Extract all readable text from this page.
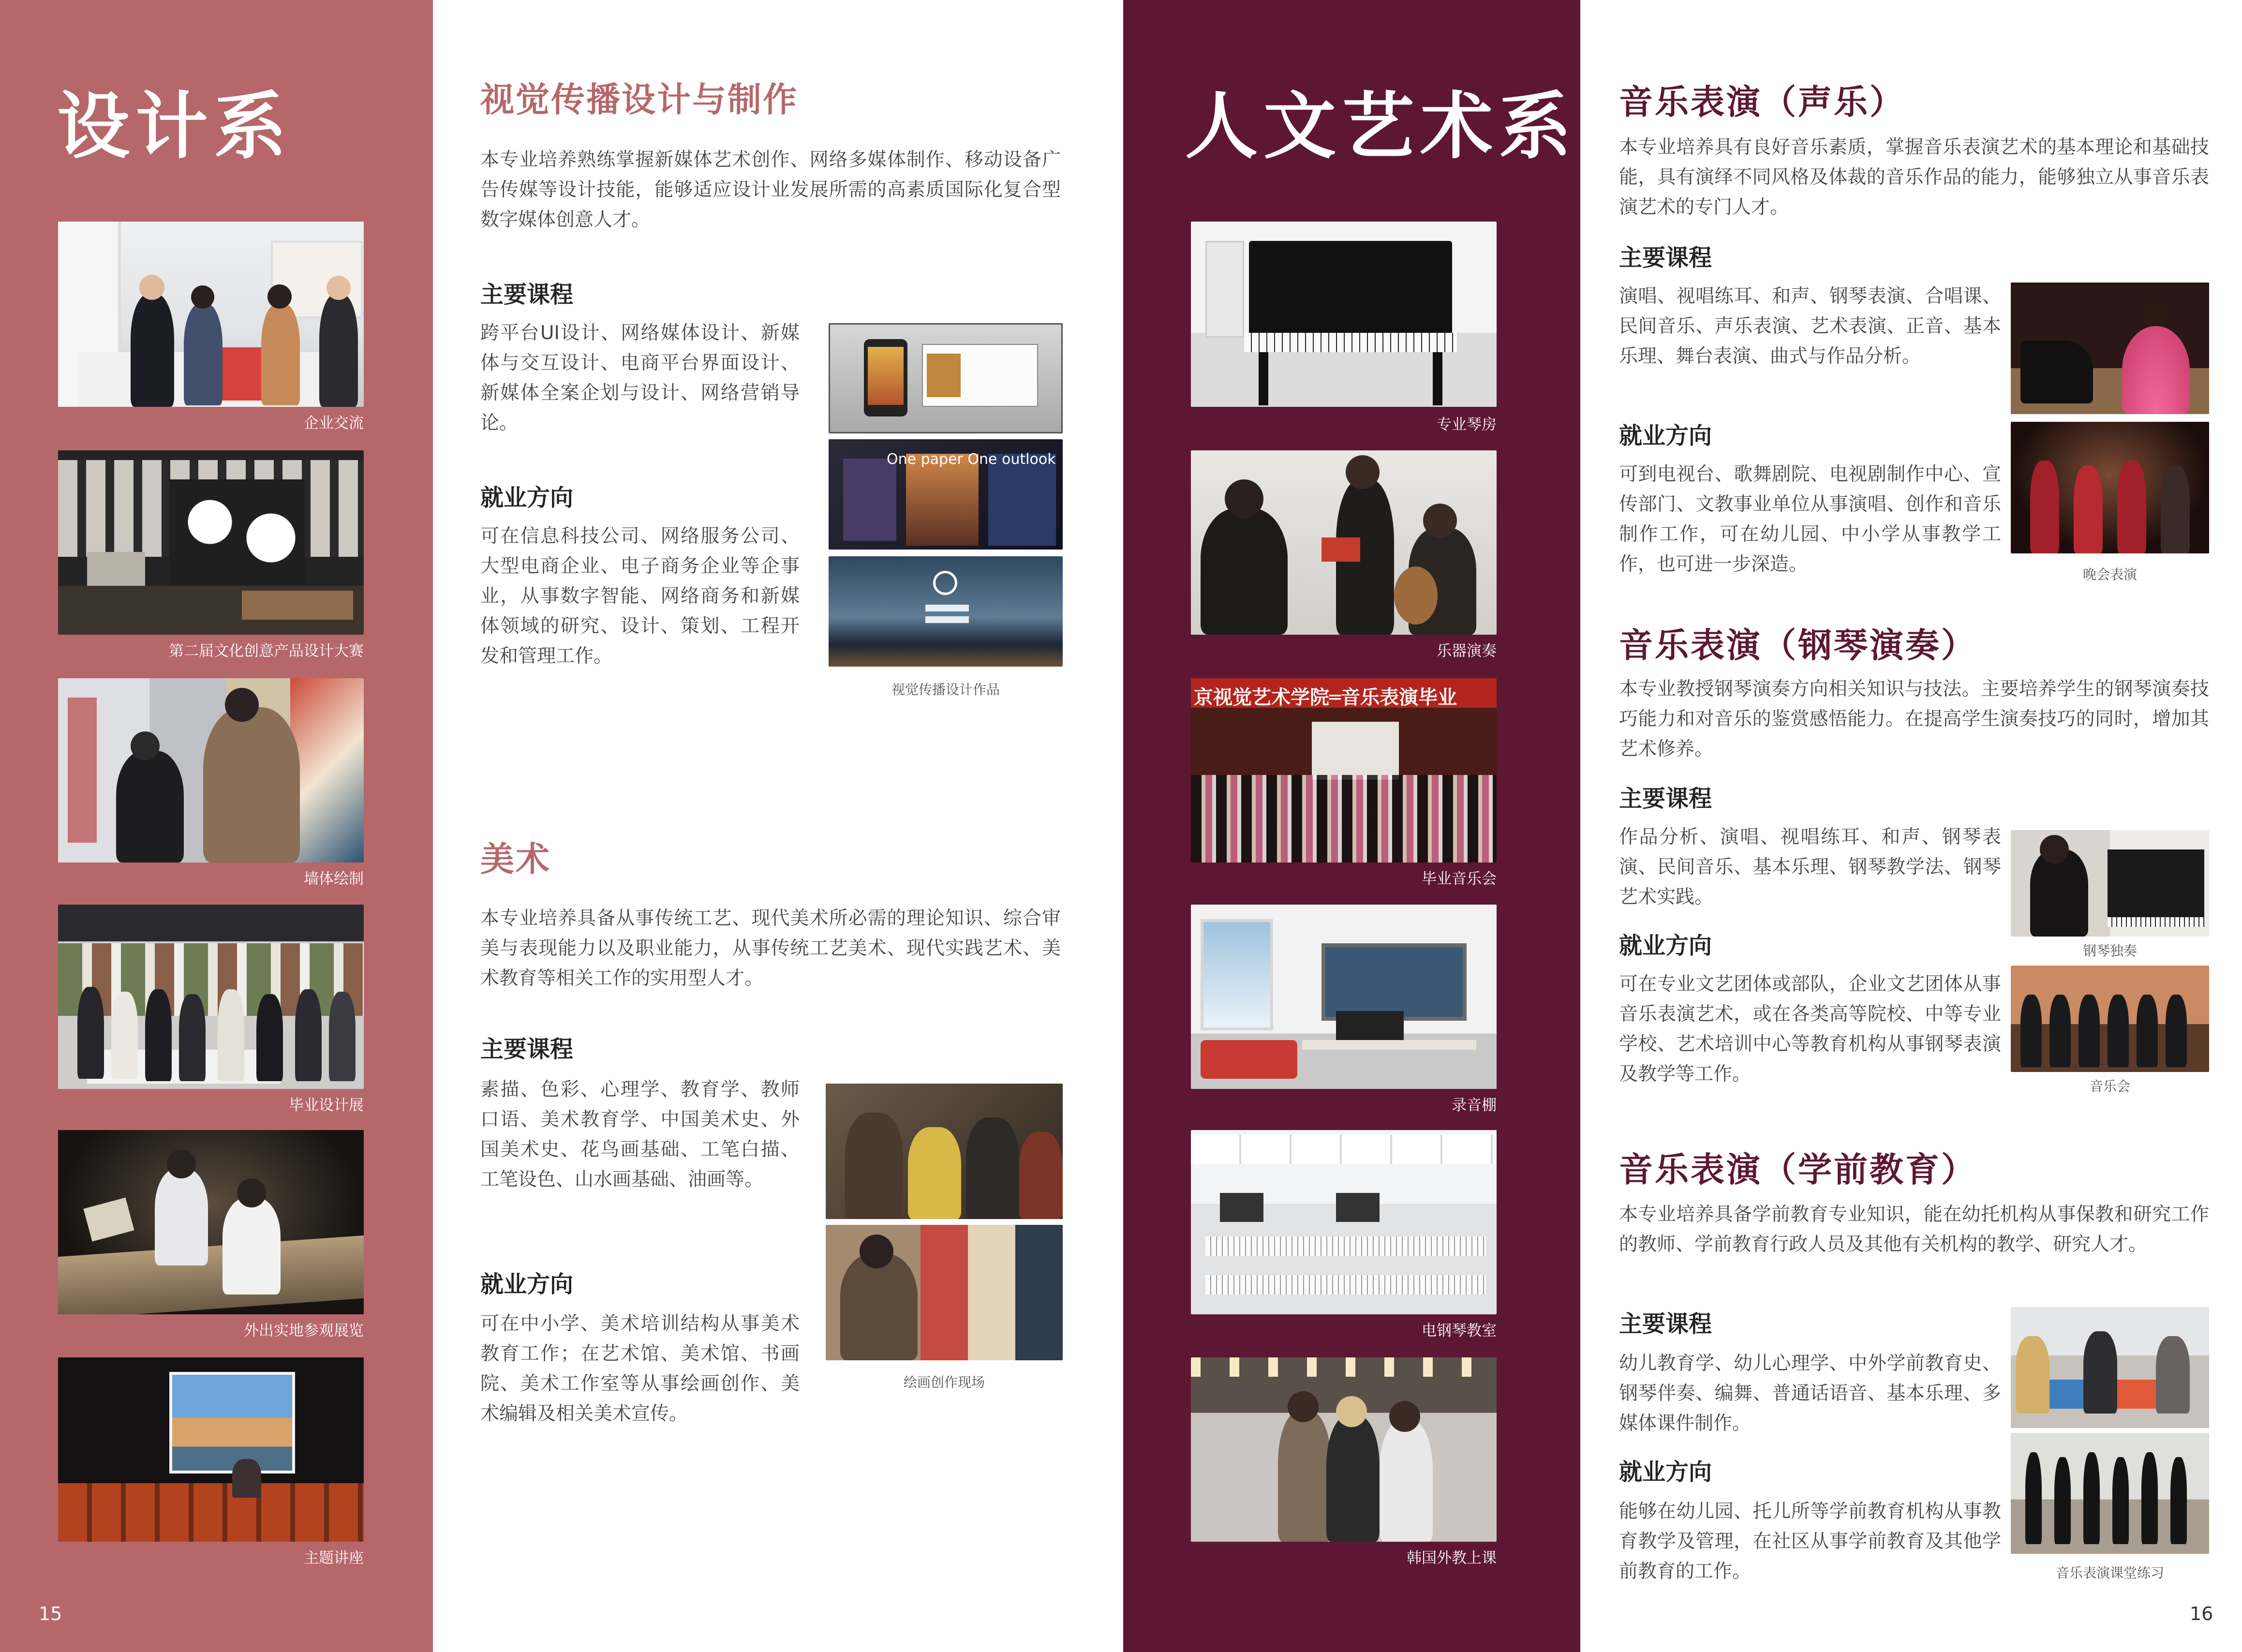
设计系
企业交流
第二届文化创意产品设计大赛
墙体绘制
毕业设计展
外出实地参观展览
主题讲座
15
视觉传播设计与制作
本专业培养熟练掌握新媒体艺术创作、网络多媒体制作、移动设备广告传媒等设计技能，能够适应设计业发展所需的高素质国际化复合型数字媒体创意人才。
主要课程
跨平台UI设计、网络媒体设计、新媒体与交互设计、电商平台界面设计、新媒体全案企划与设计、网络营销导论。
就业方向
可在信息科技公司、网络服务公司、大型电商企业、电子商务企业等企事业，从事数字智能、网络商务和新媒体领域的研究、设计、策划、工程开发和管理工作。
One paper One outlook
视觉传播设计作品
美术
本专业培养具备从事传统工艺、现代美术所必需的理论知识、综合审美与表现能力以及职业能力，从事传统工艺美术、现代实践艺术、美术教育等相关工作的实用型人才。
主要课程
素描、色彩、心理学、教育学、教师口语、美术教育学、中国美术史、外国美术史、花鸟画基础、工笔白描、工笔设色、山水画基础、油画等。
就业方向
可在中小学、美术培训结构从事美术教育工作；在艺术馆、美术馆、书画院、美术工作室等从事绘画创作、美术编辑及相关美术宣传。
绘画创作现场
人文艺术系
专业琴房
乐器演奏
京视觉艺术学院═音乐表演毕业
毕业音乐会
录音棚
电钢琴教室
韩国外教上课
音乐表演（声乐）
本专业培养具有良好音乐素质，掌握音乐表演艺术的基本理论和基础技能，具有演绎不同风格及体裁的音乐作品的能力，能够独立从事音乐表演艺术的专门人才。
主要课程
演唱、视唱练耳、和声、钢琴表演、合唱课、民间音乐、声乐表演、艺术表演、正音、基本乐理、舞台表演、曲式与作品分析。
就业方向
可到电视台、歌舞剧院、电视剧制作中心、宣传部门、文教事业单位从事演唱、创作和音乐制作工作，可在幼儿园、中小学从事教学工作，也可进一步深造。	晚会表演
音乐表演（钢琴演奏）
本专业教授钢琴演奏方向相关知识与技法。主要培养学生的钢琴演奏技巧能力和对音乐的鉴赏感悟能力。在提高学生演奏技巧的同时，增加其艺术修养。
主要课程
作品分析、演唱、视唱练耳、和声、钢琴表演、民间音乐、基本乐理、钢琴教学法、钢琴艺术实践。
就业方向
可在专业文艺团体或部队，企业文艺团体从事音乐表演艺术，或在各类高等院校、中等专业学校、艺术培训中心等教育机构从事钢琴表演及教学等工作。
钢琴独奏
音乐会
音乐表演（学前教育）
本专业培养具备学前教育专业知识，能在幼托机构从事保教和研究工作的教师、学前教育行政人员及其他有关机构的教学、研究人才。
主要课程
幼儿教育学、幼儿心理学、中外学前教育史、钢琴伴奏、编舞、普通话语音、基本乐理、多媒体课件制作。
就业方向
能够在幼儿园、托儿所等学前教育机构从事教育教学及管理，在社区从事学前教育及其他学前教育的工作。	音乐表演课堂练习
16
